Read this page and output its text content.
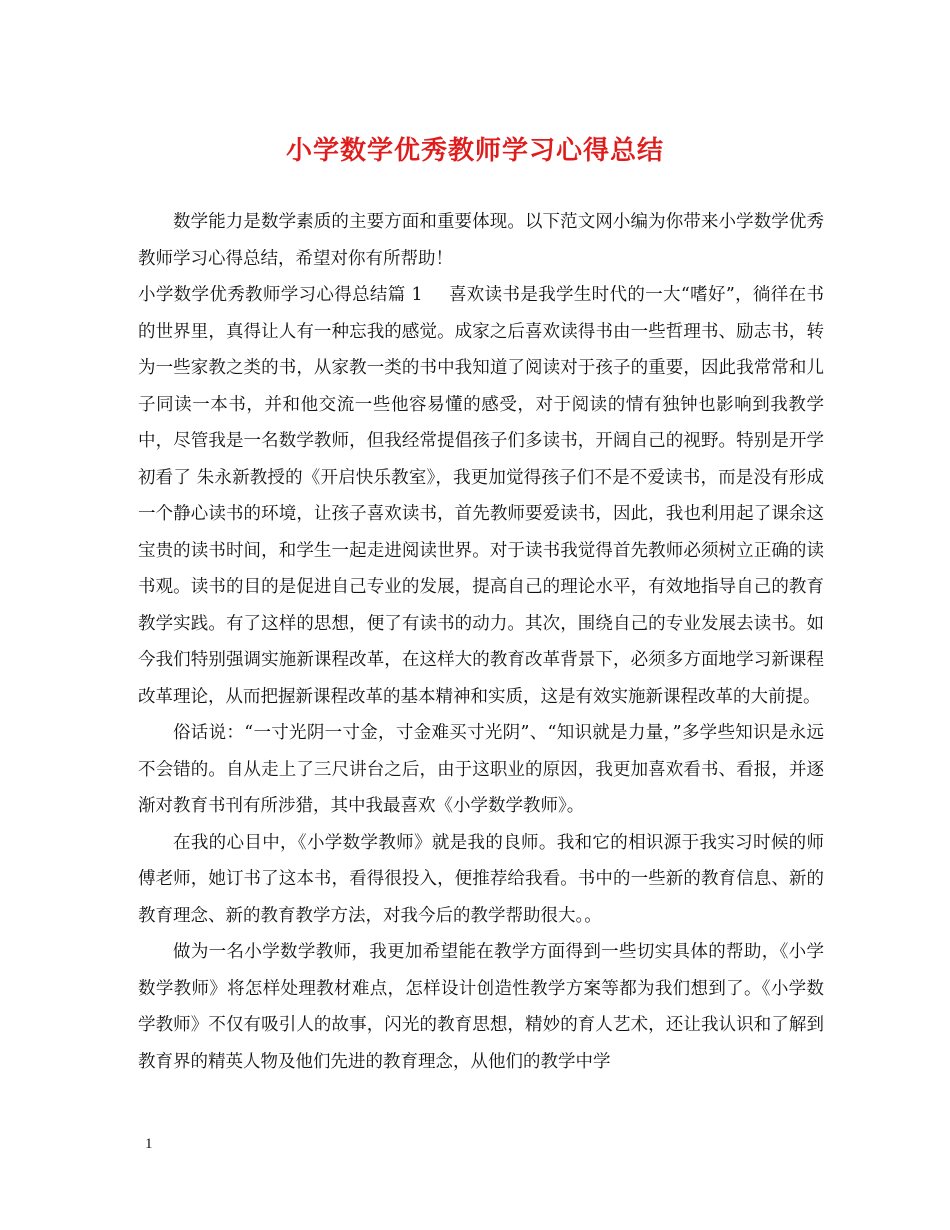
小学数学优秀教师学习心得总结

数学能力是数学素质的主要方面和重要体现。以下范文网小编为你带来小学数学优秀教师学习心得总结，希望对你有所帮助！

小学数学优秀教师学习心得总结篇 1 喜欢读书是我学生时代的一大“嗜好”，徜徉在书的世界里，真得让人有一种忘我的感觉。成家之后喜欢读得书由一些哲理书、励志书，转为一些家教之类的书，从家教一类的书中我知道了阅读对于孩子的重要，因此我常常和儿子同读一本书，并和他交流一些他容易懂的感受，对于阅读的情有独钟也影响到我教学中，尽管我是一名数学教师，但我经常提倡孩子们多读书，开阔自己的视野。特别是开学初看了 朱永新教授的《开启快乐教室》，我更加觉得孩子们不是不爱读书，而是没有形成一个静心读书的环境，让孩子喜欢读书，首先教师要爱读书，因此，我也利用起了课余这宝贵的读书时间，和学生一起走进阅读世界。对于读书我觉得首先教师必须树立正确的读书观。读书的目的是促进自己专业的发展，提高自己的理论水平，有效地指导自己的教育教学实践。有了这样的思想，便了有读书的动力。其次，围绕自己的专业发展去读书。如今我们特别强调实施新课程改革，在这样大的教育改革背景下，必须多方面地学习新课程改革理论，从而把握新课程改革的基本精神和实质，这是有效实施新课程改革的大前提。

俗话说：“一寸光阴一寸金，寸金难买寸光阴”、“知识就是力量，”多学些知识是永远不会错的。自从走上了三尺讲台之后，由于这职业的原因，我更加喜欢看书、看报，并逐渐对教育书刊有所涉猎，其中我最喜欢《小学数学教师》。

在我的心目中，《小学数学教师》就是我的良师。我和它的相识源于我实习时候的师傅老师，她订书了这本书，看得很投入，便推荐给我看。书中的一些新的教育信息、新的教育理念、新的教育教学方法，对我今后的教学帮助很大。。

做为一名小学数学教师，我更加希望能在教学方面得到一些切实具体的帮助，《小学数学教师》将怎样处理教材难点，怎样设计创造性教学方案等都为我们想到了。《小学数学教师》不仅有吸引人的故事，闪光的教育思想，精妙的育人艺术，还让我认识和了解到教育界的精英人物及他们先进的教育理念，从他们的教学中学

1
